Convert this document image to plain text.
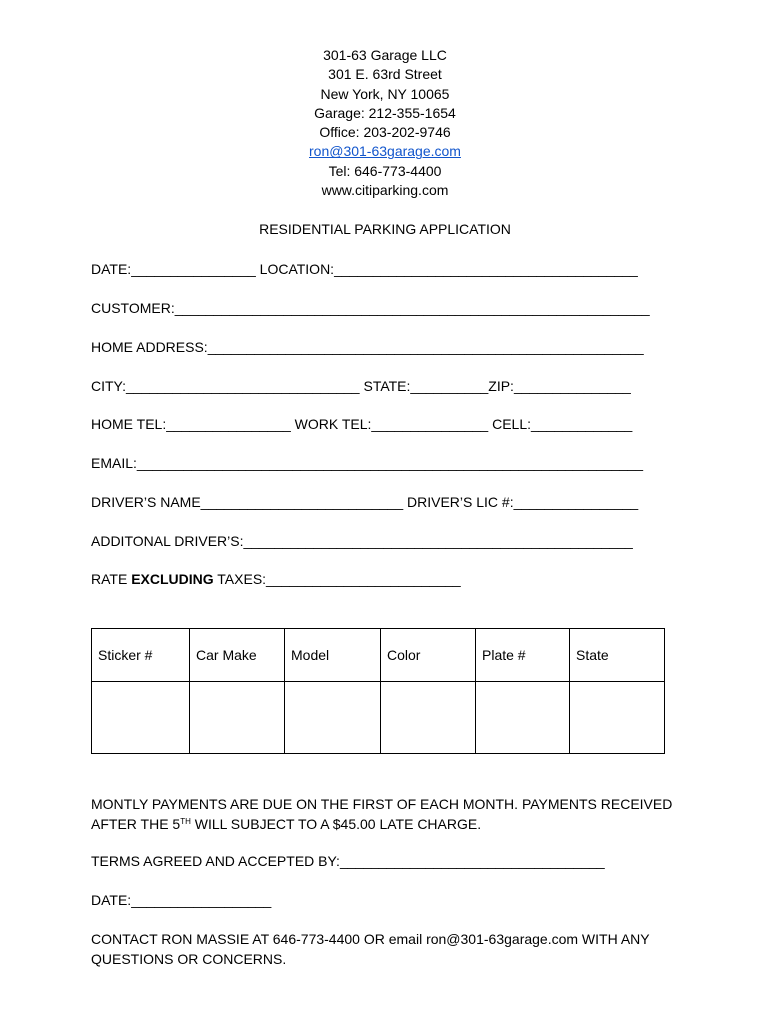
301-63 Garage LLC
301 E. 63rd Street
New York, NY 10065
Garage: 212-355-1654
Office: 203-202-9746
ron@301-63garage.com
Tel: 646-773-4400
www.citiparking.com
RESIDENTIAL PARKING APPLICATION
DATE:________________ LOCATION:_______________________________________
CUSTOMER:_____________________________________________________________
HOME ADDRESS:________________________________________________________
CITY:______________________________ STATE:__________ZIP:_______________
HOME TEL:________________ WORK TEL:_______________ CELL:_____________
EMAIL:_________________________________________________________________
DRIVER’S NAME__________________________ DRIVER’S LIC #:________________
ADDITONAL DRIVER’S:__________________________________________________
RATE EXCLUDING TAXES:_________________________
Sticker #	Car Make	Model	Color	Plate #	State

MONTLY PAYMENTS ARE DUE ON THE FIRST OF EACH MONTH. PAYMENTS RECEIVED
AFTER THE 5TH WILL SUBJECT TO A $45.00 LATE CHARGE.
TERMS AGREED AND ACCEPTED BY:__________________________________
DATE:__________________
CONTACT RON MASSIE AT 646-773-4400 OR email ron@301-63garage.com WITH ANY
QUESTIONS OR CONCERNS.
